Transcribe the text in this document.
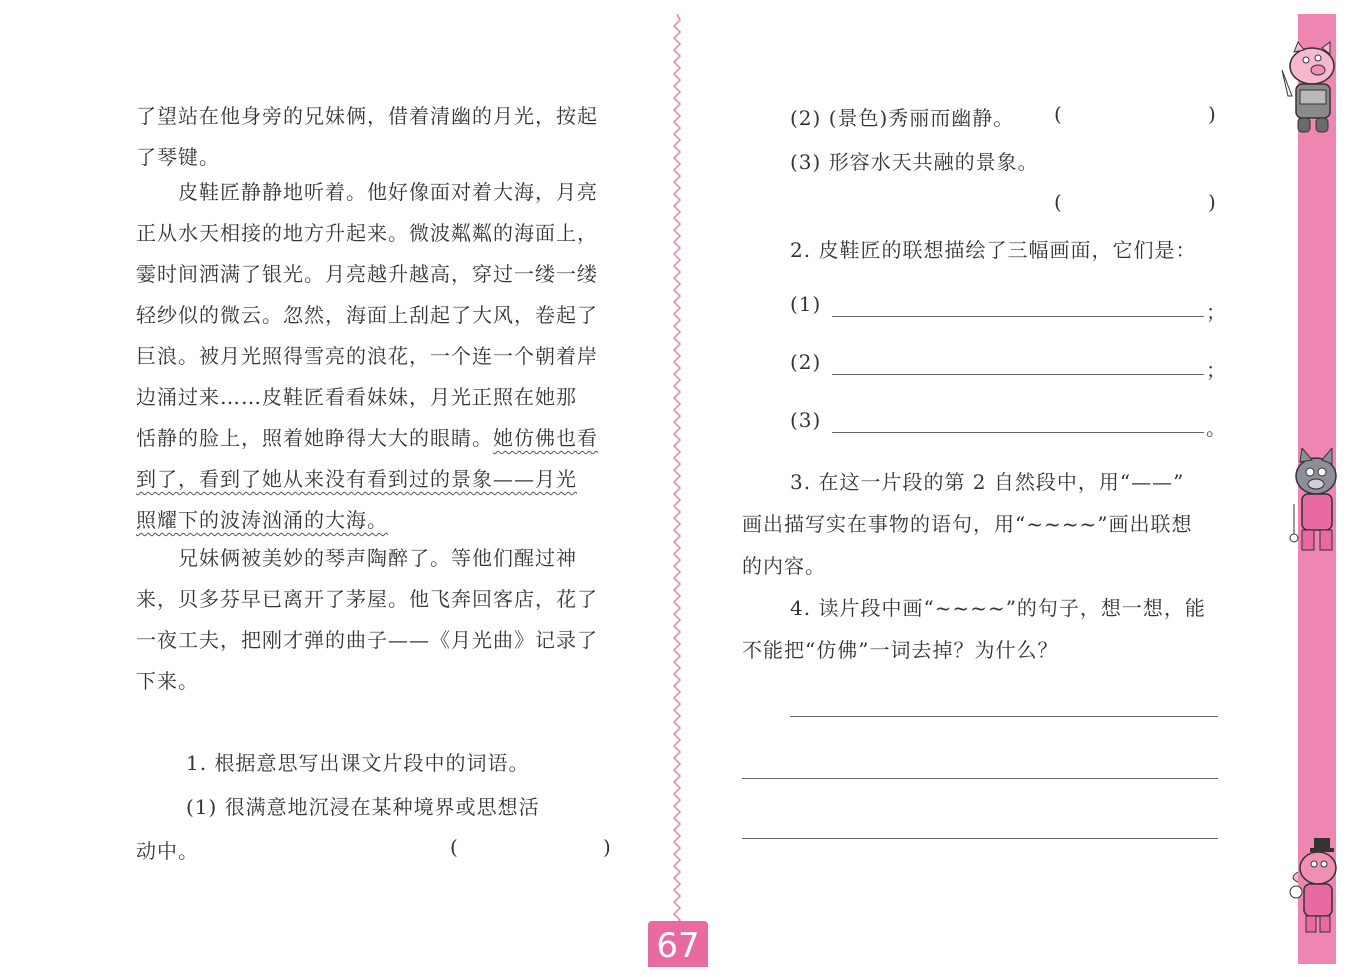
了望站在他身旁的兄妹俩，借着清幽的月光，按起
了琴键。
皮鞋匠静静地听着。他好像面对着大海，月亮
正从水天相接的地方升起来。微波粼粼的海面上，
霎时间洒满了银光。月亮越升越高，穿过一缕一缕
轻纱似的微云。忽然，海面上刮起了大风，卷起了
巨浪。被月光照得雪亮的浪花，一个连一个朝着岸
边涌过来……皮鞋匠看看妹妹，月光正照在她那
恬静的脸上，照着她睁得大大的眼睛。她仿佛也看
到了，看到了她从来没有看到过的景象——月光
照耀下的波涛汹涌的大海。
兄妹俩被美妙的琴声陶醉了。等他们醒过神
来，贝多芬早已离开了茅屋。他飞奔回客店，花了
一夜工夫，把刚才弹的曲子——《月光曲》记录了
下来。
1. 根据意思写出课文片段中的词语。
(1) 很满意地沉浸在某种境界或思想活
动中。	(	)
(2) (景色)秀丽而幽静。 (	)
(3) 形容水天共融的景象。
(	)
2. 皮鞋匠的联想描绘了三幅画面，它们是：
(1)	；
(2)	；
(3)	。
3. 在这一片段的第 2 自然段中，用“——”
画出描写实在事物的语句，用“~~~~”画出联想
的内容。
4. 读片段中画“~~~~”的句子，想一想，能
不能把“仿佛”一词去掉？为什么？
67
